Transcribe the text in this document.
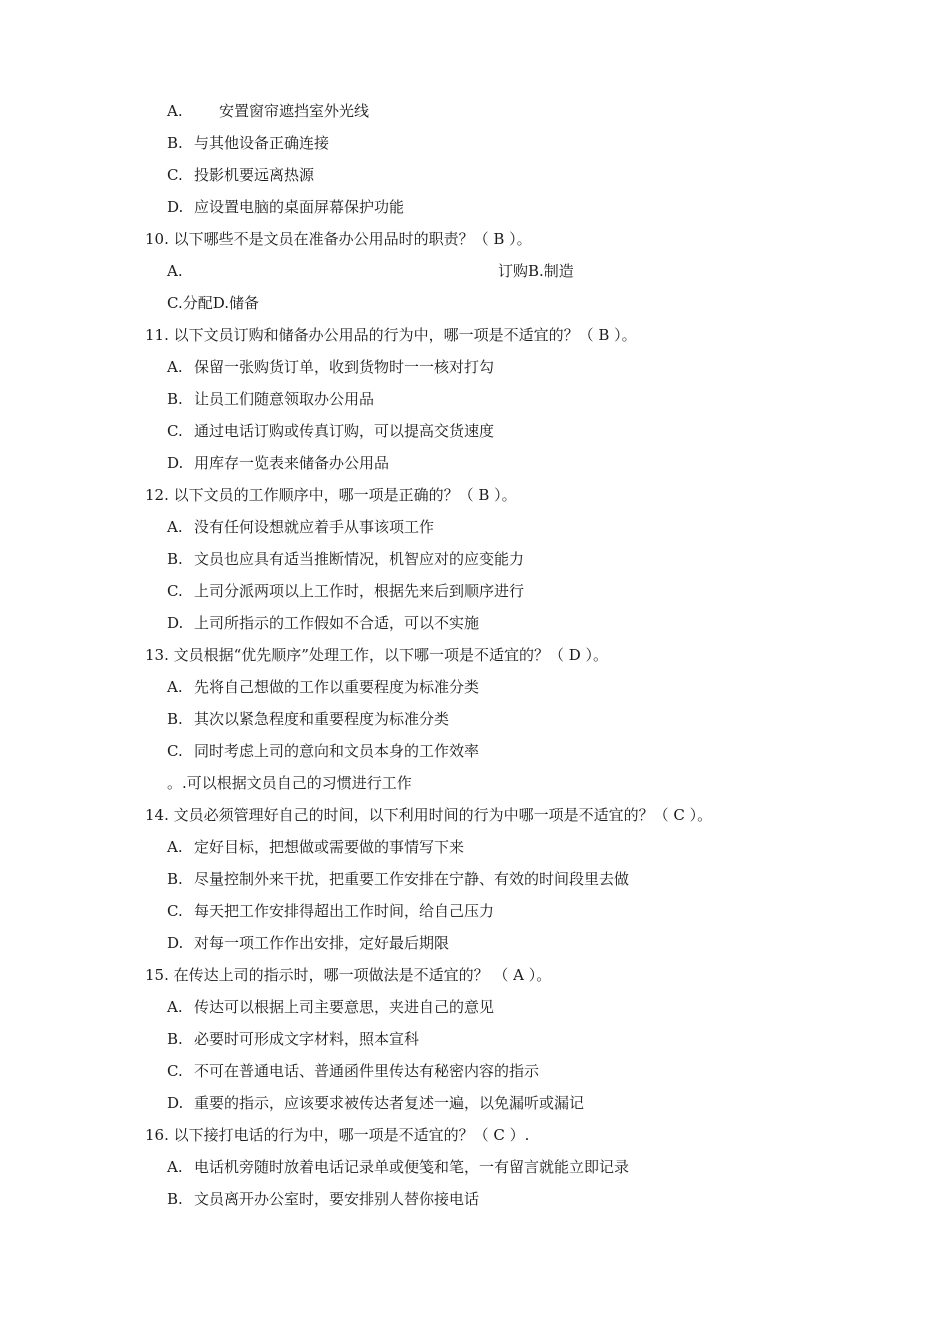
A. 安置窗帘遮挡室外光线
B. 与其他设备正确连接
C. 投影机要远离热源
D. 应设置电脑的桌面屏幕保护功能
10. 以下哪些不是文员在准备办公用品时的职责？（ B ）。
A.	订购B.制造
C.分配D.储备
11. 以下文员订购和储备办公用品的行为中，哪一项是不适宜的？（ B ）。
A. 保留一张购货订单，收到货物时一一核对打勾
B. 让员工们随意领取办公用品
C. 通过电话订购或传真订购，可以提高交货速度
D. 用库存一览表来储备办公用品
12. 以下文员的工作顺序中，哪一项是正确的？（ B ）。
A. 没有任何设想就应着手从事该项工作
B. 文员也应具有适当推断情况，机智应对的应变能力
C. 上司分派两项以上工作时，根据先来后到顺序进行
D. 上司所指示的工作假如不合适，可以不实施
13. 文员根据“优先顺序”处理工作，以下哪一项是不适宜的？（ D ）。
A. 先将自己想做的工作以重要程度为标准分类
B. 其次以紧急程度和重要程度为标准分类
C. 同时考虑上司的意向和文员本身的工作效率
。.可以根据文员自己的习惯进行工作
14. 文员必须管理好自己的时间，以下利用时间的行为中哪一项是不适宜的？（ C ）。
A. 定好目标，把想做或需要做的事情写下来
B. 尽量控制外来干扰，把重要工作安排在宁静、有效的时间段里去做
C. 每天把工作安排得超出工作时间，给自己压力
D. 对每一项工作作出安排，定好最后期限
15. 在传达上司的指示时，哪一项做法是不适宜的？ （ A ）。
A. 传达可以根据上司主要意思，夹进自己的意见
B. 必要时可形成文字材料，照本宣科
C. 不可在普通电话、普通函件里传达有秘密内容的指示
D. 重要的指示，应该要求被传达者复述一遍，以免漏听或漏记
16. 以下接打电话的行为中，哪一项是不适宜的？（ C ）.
A. 电话机旁随时放着电话记录单或便笺和笔，一有留言就能立即记录
B. 文员离开办公室时，要安排别人替你接电话
